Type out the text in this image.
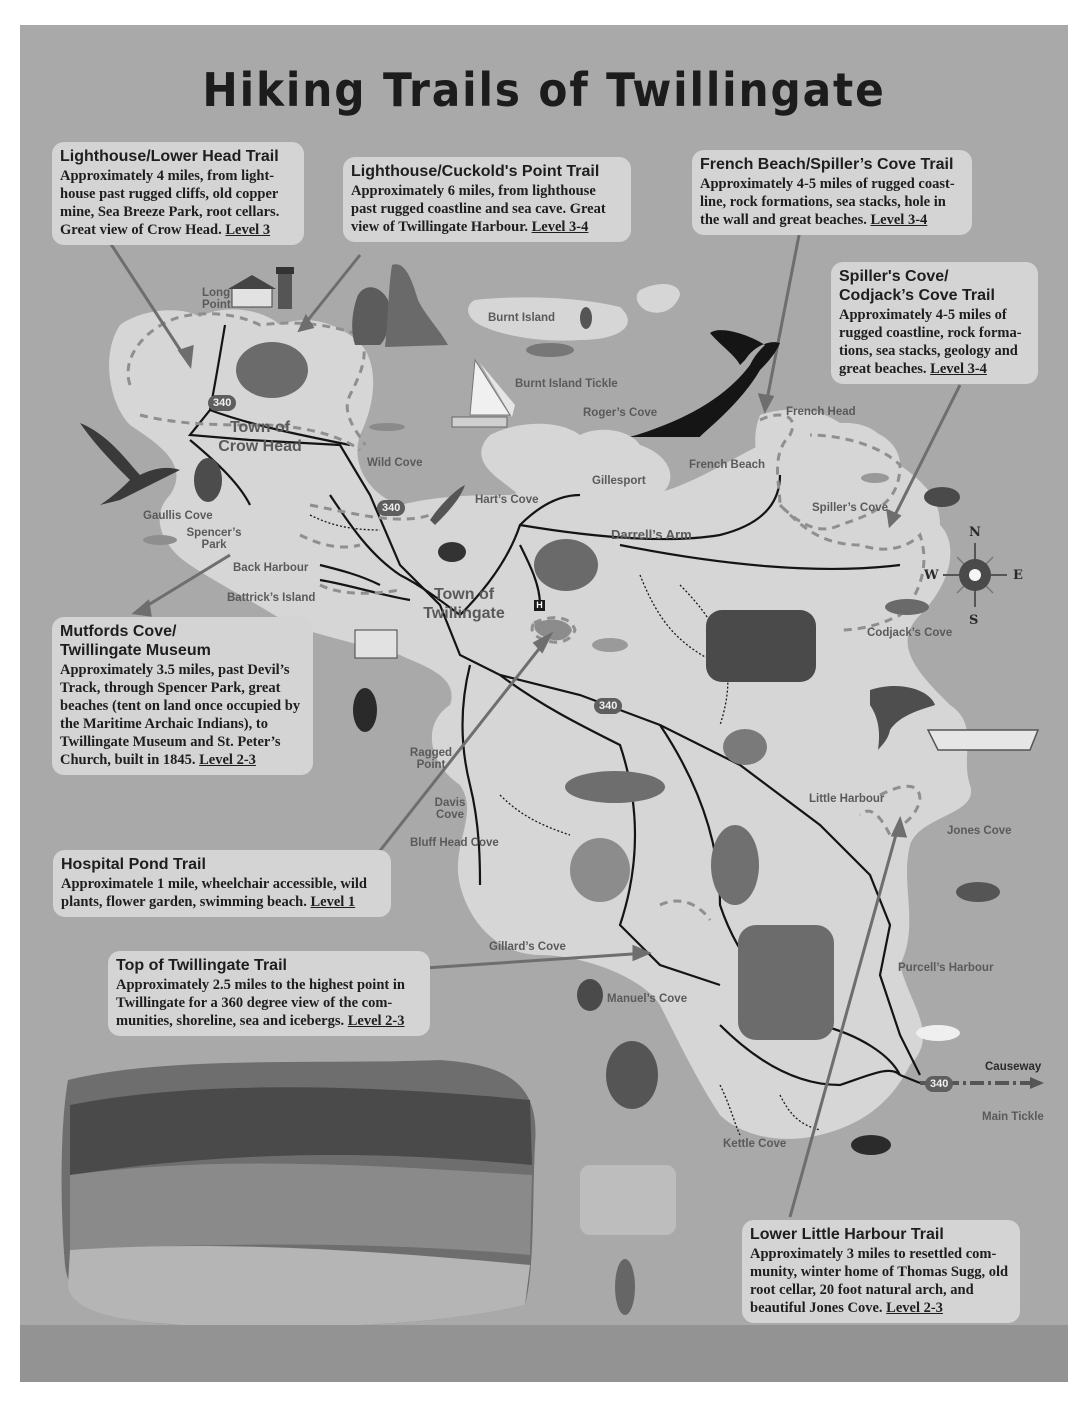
Hiking Trails of Twillingate
Lighthouse/Lower Head Trail
Approximately 4 miles, from light-house past rugged cliffs, old copper mine, Sea Breeze Park, root cellars. Great view of Crow Head. Level 3
Lighthouse/Cuckold's Point Trail
Approximately 6 miles, from lighthouse past rugged coastline and sea cave. Great view of Twillingate Harbour. Level 3-4
French Beach/Spiller’s Cove Trail
Approximately 4-5 miles of rugged coast-line, rock formations, sea stacks, hole in the wall and great beaches. Level 3-4
Spiller's Cove/ Codjack’s Cove Trail
Approximately 4-5 miles of rugged coastline, rock forma-tions, sea stacks, geology and great beaches. Level 3-4
Mutfords Cove/ Twillingate Museum
Approximately 3.5 miles, past Devil’s Track, through Spencer Park, great beaches (tent on land once occupied by the Maritime Archaic Indians), to Twillingate Museum and St. Peter’s Church, built in 1845. Level 2-3
Hospital Pond Trail
Approximatele 1 mile, wheelchair accessible, wild plants, flower garden, swimming beach. Level 1
Top of Twillingate Trail
Approximately 2.5 miles to the highest point in Twillingate for a 360 degree view of the com-munities, shoreline, sea and icebergs. Level 2-3
Lower Little Harbour Trail
Approximately 3 miles to resettled com-munity, winter home of Thomas Sugg, old root cellar, 20 foot natural arch, and beautiful Jones Cove. Level 2-3
Town of Crow Head
Town of Twillingate
Long Point
Burnt Island
Burnt Island Tickle
Roger’s Cove	French Head
French Beach
Wild Cove
Gillesport
Hart’s Cove
Spiller’s Cove
Darrell’s Arm
Gaullis Cove
Spencer’s Park
Back Harbour
Battrick’s Island
Codjack’s Cove
Ragged Point
Davis Cove
Bluff Head Cove
Little Harbour
Jones Cove
Gillard’s Cove
Purcell’s Harbour
Manuel’s Cove
Main Tickle
Kettle Cove
340
340
340
340
Causeway
H
N
S
E
W
